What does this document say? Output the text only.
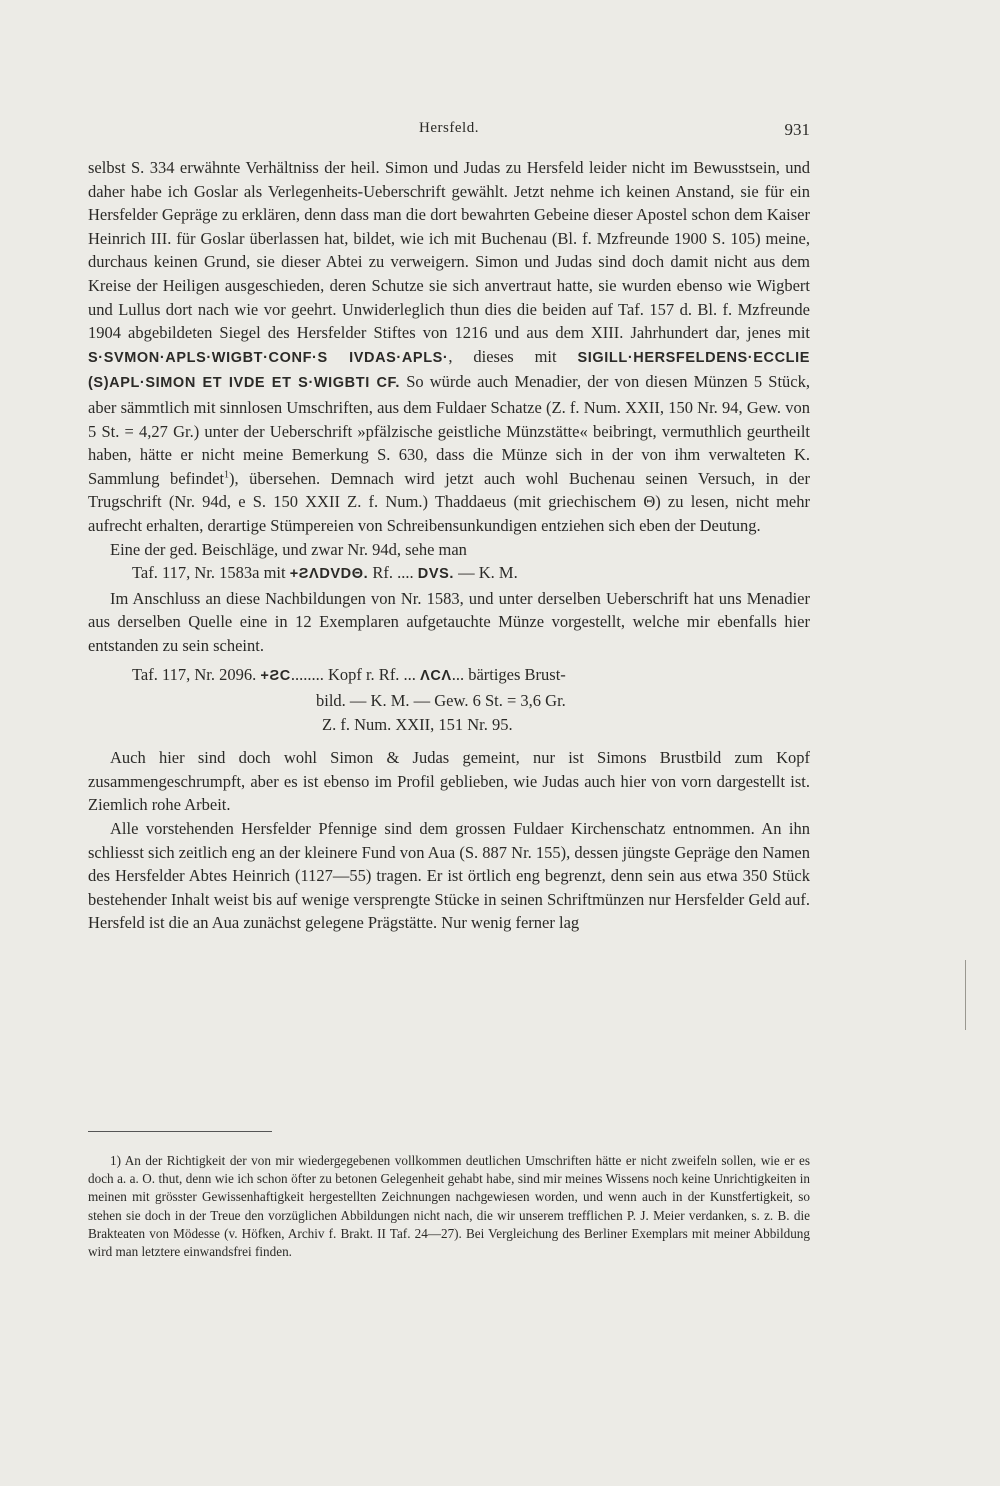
Hersfeld.	931

selbst S. 334 erwähnte Verhältniss der heil. Simon und Judas zu Hersfeld leider nicht im Bewusstsein, und daher habe ich Goslar als Verlegenheits-Ueberschrift gewählt. Jetzt nehme ich keinen Anstand, sie für ein Hersfelder Gepräge zu erklären, denn dass man die dort bewahrten Gebeine dieser Apostel schon dem Kaiser Heinrich III. für Goslar überlassen hat, bildet, wie ich mit Buchenau (Bl. f. Mzfreunde 1900 S. 105) meine, durchaus keinen Grund, sie dieser Abtei zu verweigern. Simon und Judas sind doch damit nicht aus dem Kreise der Heiligen ausgeschieden, deren Schutze sie sich anvertraut hatte, sie wurden ebenso wie Wigbert und Lullus dort nach wie vor geehrt. Unwiderleglich thun dies die beiden auf Taf. 157 d. Bl. f. Mzfreunde 1904 abgebildeten Siegel des Hersfelder Stiftes von 1216 und aus dem XIII. Jahrhundert dar, jenes mit S·SVMON·APLS·WIGBT·CONF·S IVDAS·APLS·, dieses mit SIGILL·HERSFELDENS·ECCLIE (S)APL·SIMON ET IVDE ET S·WIGBTI CF. So würde auch Menadier, der von diesen Münzen 5 Stück, aber sämmtlich mit sinnlosen Umschriften, aus dem Fuldaer Schatze (Z. f. Num. XXII, 150 Nr. 94, Gew. von 5 St. = 4,27 Gr.) unter der Ueberschrift »pfälzische geistliche Münzstätte« beibringt, vermuthlich geurtheilt haben, hätte er nicht meine Bemerkung S. 630, dass die Münze sich in der von ihm verwalteten K. Sammlung befindet$^1$), übersehen. Demnach wird jetzt auch wohl Buchenau seinen Versuch, in der Trugschrift (Nr. 94d, e S. 150 XXII Z. f. Num.) Thaddaeus (mit griechischem Θ) zu lesen, nicht mehr aufrecht erhalten, derartige Stümpereien von Schreibensunkundigen entziehen sich eben der Deutung.

Eine der ged. Beischläge, und zwar Nr. 94d, sehe man

Taf. 117, Nr. 1583a mit +ƧΛDVDΘ. Rf. .... DVS. — K. M.

Im Anschluss an diese Nachbildungen von Nr. 1583, und unter derselben Ueberschrift hat uns Menadier aus derselben Quelle eine in 12 Exemplaren aufgetauchte Münze vorgestellt, welche mir ebenfalls hier entstanden zu sein scheint.

Taf. 117, Nr. 2096. +ƧC........ Kopf r. Rf. ... ΛCΛ... bärtiges Brust-
bild. — K. M. — Gew. 6 St. = 3,6 Gr.
Z. f. Num. XXII, 151 Nr. 95.

Auch hier sind doch wohl Simon & Judas gemeint, nur ist Simons Brustbild zum Kopf zusammengeschrumpft, aber es ist ebenso im Profil geblieben, wie Judas auch hier von vorn dargestellt ist. Ziemlich rohe Arbeit.

Alle vorstehenden Hersfelder Pfennige sind dem grossen Fuldaer Kirchenschatz entnommen. An ihn schliesst sich zeitlich eng an der kleinere Fund von Aua (S. 887 Nr. 155), dessen jüngste Gepräge den Namen des Hersfelder Abtes Heinrich (1127—55) tragen. Er ist örtlich eng begrenzt, denn sein aus etwa 350 Stück bestehender Inhalt weist bis auf wenige versprengte Stücke in seinen Schriftmünzen nur Hersfelder Geld auf. Hersfeld ist die an Aua zunächst gelegene Prägstätte. Nur wenig ferner lag

1) An der Richtigkeit der von mir wiedergegebenen vollkommen deutlichen Umschriften hätte er nicht zweifeln sollen, wie er es doch a. a. O. thut, denn wie ich schon öfter zu betonen Gelegenheit gehabt habe, sind mir meines Wissens noch keine Unrichtigkeiten in meinen mit grösster Gewissenhaftigkeit hergestellten Zeichnungen nachgewiesen worden, und wenn auch in der Kunstfertigkeit, so stehen sie doch in der Treue den vorzüglichen Abbildungen nicht nach, die wir unserem trefflichen P. J. Meier verdanken, s. z. B. die Brakteaten von Mödesse (v. Höfken, Archiv f. Brakt. II Taf. 24—27). Bei Vergleichung des Berliner Exemplars mit meiner Abbildung wird man letztere einwandsfrei finden.
